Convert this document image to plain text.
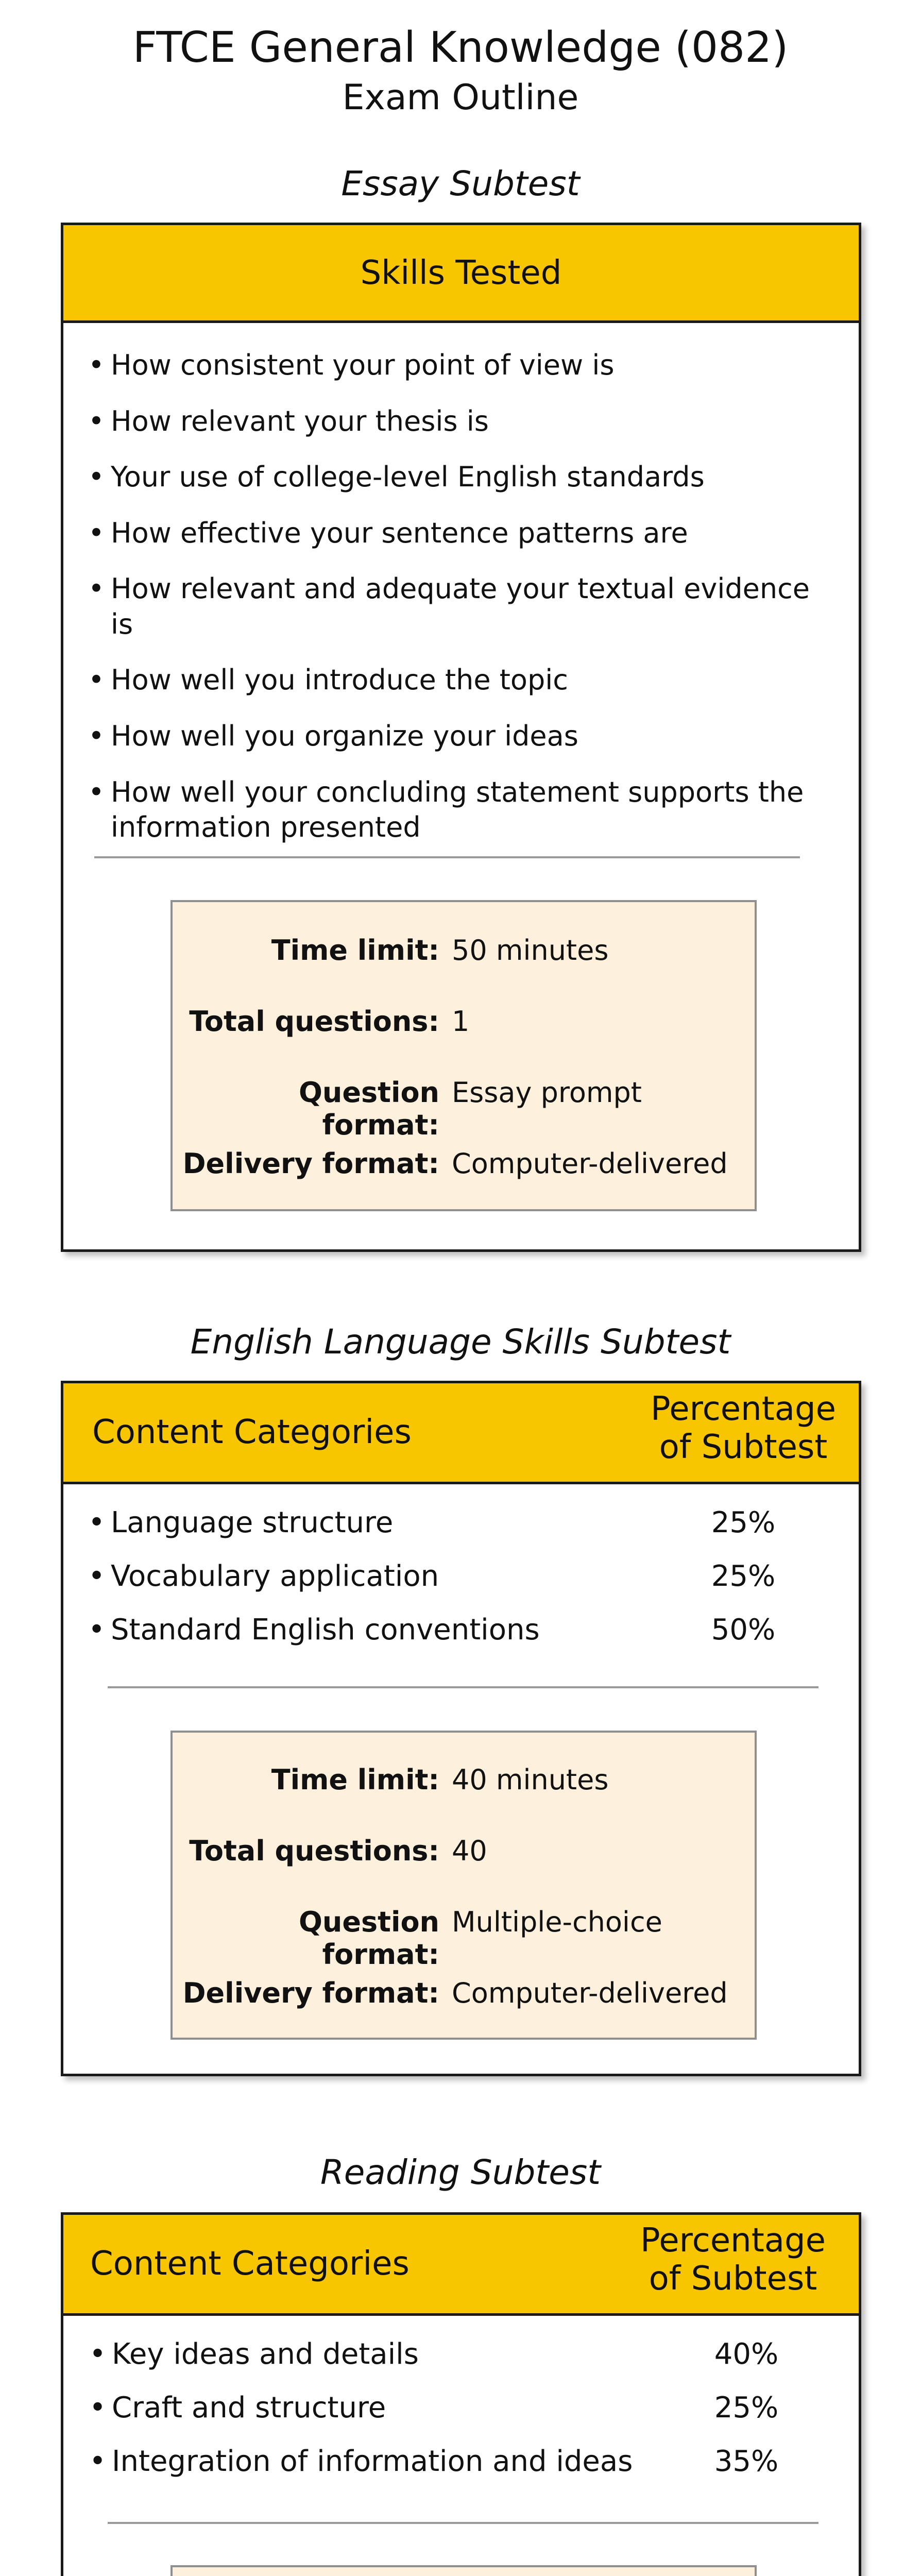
FTCE General Knowledge (082)
Exam Outline
Essay Subtest
Skills Tested
• How consistent your point of view is
• How relevant your thesis is
• Your use of college-level English standards
• How effective your sentence patterns are
• How relevant and adequate your textual evidence is
• How well you introduce the topic
• How well you organize your ideas
• How well your concluding statement supports the information presented
Time limit: 50 minutes
Total questions: 1
Question format:
Essay prompt
Delivery format: Computer-delivered
English Language Skills Subtest
Content Categories
Percentage
of Subtest
• Language structure	25%
• Vocabulary application	25%
• Standard English conventions	50%
Time limit: 40 minutes
Total questions: 40
Question format:
Multiple-choice
Delivery format: Computer-delivered
Reading Subtest
Content Categories
Percentage
of Subtest
• Key ideas and details	40%
• Craft and structure	25%
• Integration of information and ideas	35%
